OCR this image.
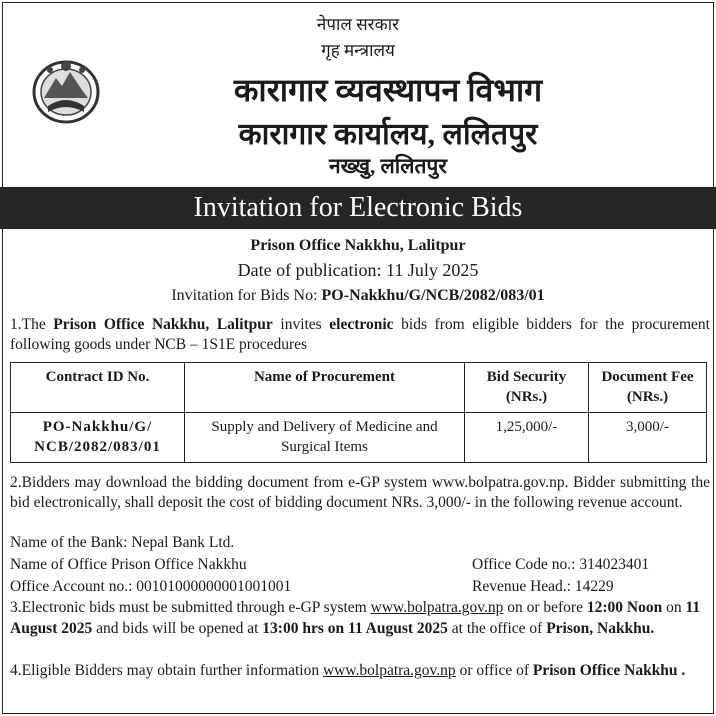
नेपाल सरकार
गृह मन्त्रालय
कारागार व्यवस्थापन विभाग
कारागार कार्यालय, ललितपुर
नख्खु, ललितपुर
Invitation for Electronic Bids
Prison Office Nakkhu, Lalitpur
Date of publication: 11 July 2025
Invitation for Bids No: PO-Nakkhu/G/NCB/2082/083/01
1.The Prison Office Nakkhu, Lalitpur invites electronic bids from eligible bidders for the procurement following goods under NCB – 1S1E procedures
Contract ID No.	Name of Procurement	Bid Security (NRs.)	Document Fee (NRs.)
PO-Nakkhu/G/ NCB/2082/083/01	Supply and Delivery of Medicine and Surgical Items	1,25,000/-	3,000/-
2.Bidders may download the bidding document from e-GP system www.bolpatra.gov.np. Bidder submitting the bid electronically, shall deposit the cost of bidding document NRs. 3,000/- in the following revenue account.
Name of the Bank: Nepal Bank Ltd.
Name of Office Prison Office Nakkhu	Office Code no.: 314023401
Office Account no.: 00101000000001001001	Revenue Head.: 14229
3.Electronic bids must be submitted through e-GP system www.bolpatra.gov.np on or before 12:00 Noon on 11 August 2025 and bids will be opened at 13:00 hrs on 11 August 2025 at the office of Prison, Nakkhu.
4.Eligible Bidders may obtain further information www.bolpatra.gov.np or office of Prison Office Nakkhu .
